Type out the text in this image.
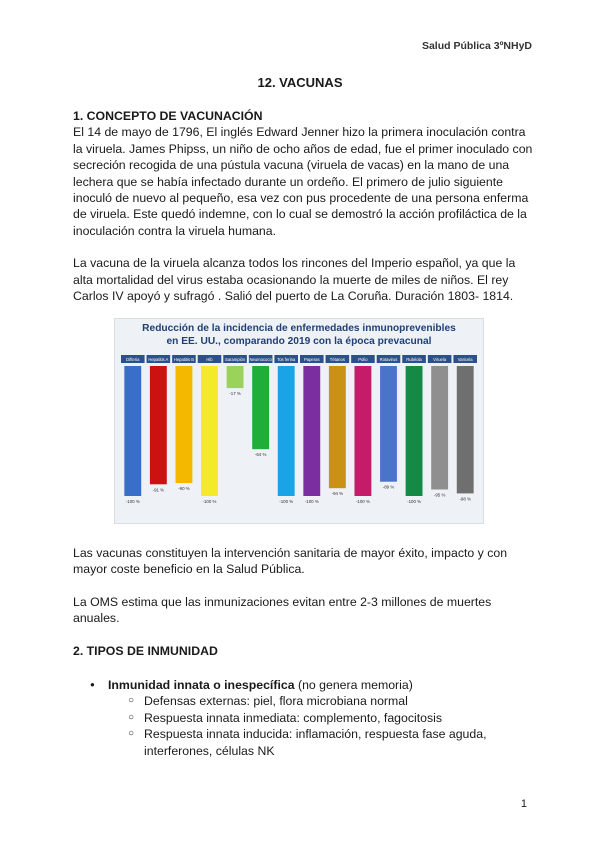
Salud Pública 3ºNHyD
12. VACUNAS

1. CONCEPTO DE VACUNACIÓN

El 14 de mayo de 1796, El inglés Edward Jenner hizo la primera inoculación contra la viruela. James Phipss, un niño de ocho años de edad, fue el primer inoculado con secreción recogida de una pústula vacuna (viruela de vacas) en la mano de una lechera que se había infectado durante un ordeño. El primero de julio siguiente inoculó de nuevo al pequeño, esa vez con pus procedente de una persona enferma de viruela. Este quedó indemne, con lo cual se demostró la acción profiláctica de la inoculación contra la viruela humana.

La vacuna de la viruela alcanza todos los rincones del Imperio español, ya que la alta mortalidad del virus estaba ocasionando la muerte de miles de niños. El rey Carlos IV apoyó y sufragó . Salió del puerto de La Coruña. Duración 1803- 1814.

Reducción de la incidencia de enfermedades inmunoprevenibles
en EE. UU., comparando 2019 con la época prevacunal
Difteria
-100 %
Hepatitis A
-91 %
Hepatitis B
-90 %
Hib
-100 %
Sarampión
-17 %
Neumococo
-64 %
Tos ferina
-100 %
Paperas
-100 %
Tétanos
-94 %
Polio
-100 %
Rotavirus
-89 %
Rubéola
-100 %
Viruela
-95 %
Varicela
-98 %

Las vacunas constituyen la intervención sanitaria de mayor éxito, impacto y con mayor coste beneficio en la Salud Pública.

La OMS estima que las inmunizaciones evitan entre 2-3 millones de muertes anuales.

2. TIPOS DE INMUNIDAD

● Inmunidad innata o inespecífica (no genera memoria)
○ Defensas externas: piel, flora microbiana normal
○ Respuesta innata inmediata: complemento, fagocitosis
○ Respuesta innata inducida: inflamación, respuesta fase aguda, interferones, células NK
1
